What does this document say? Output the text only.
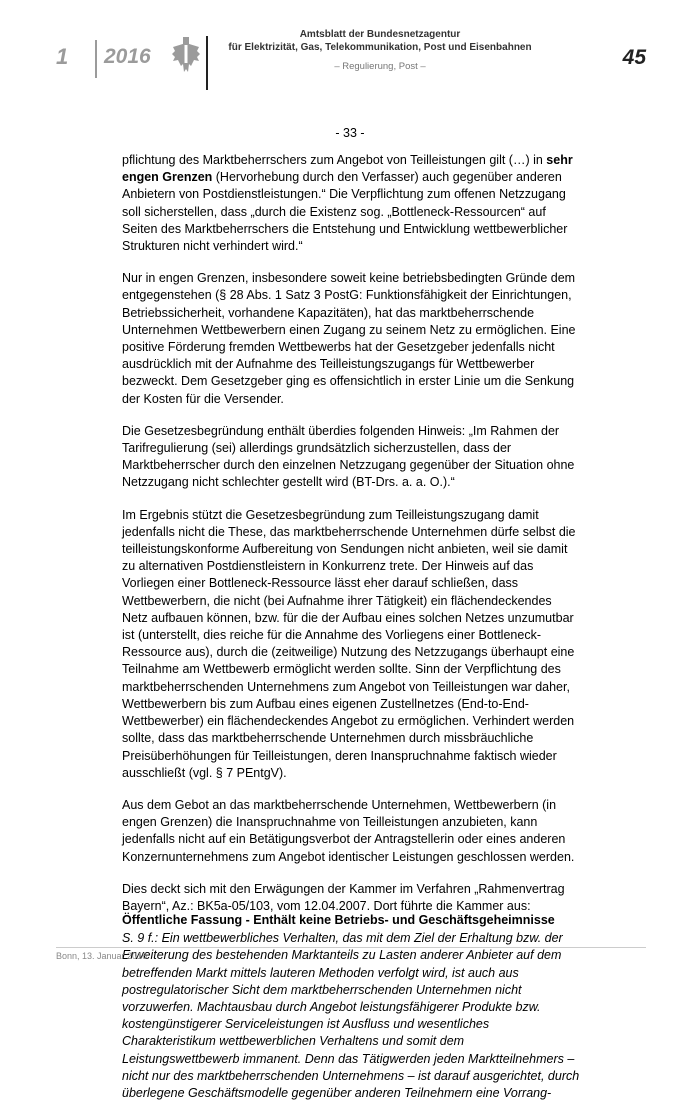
1 2016
Amtsblatt der Bundesnetzagentur
für Elektrizität, Gas, Telekommunikation, Post und Eisenbahnen
– Regulierung, Post –	45
- 33 -

pflichtung des Marktbeherrschers zum Angebot von Teilleistungen gilt (…) in sehr engen Grenzen (Hervorhebung durch den Verfasser) auch gegenüber anderen Anbietern von Postdienstleistungen.“ Die Verpflichtung zum offenen Netzzugang soll sicherstellen, dass „durch die Existenz sog. „Bottleneck-Ressourcen“ auf Seiten des Marktbeherrschers die Entstehung und Entwicklung wettbewerblicher Strukturen nicht verhindert wird.“

Nur in engen Grenzen, insbesondere soweit keine betriebsbedingten Gründe dem entgegenstehen (§ 28 Abs. 1 Satz 3 PostG: Funktionsfähigkeit der Einrichtungen, Betriebssicherheit, vorhandene Kapazitäten), hat das marktbeherrschende Unternehmen Wettbewerbern einen Zugang zu seinem Netz zu ermöglichen. Eine positive Förderung fremden Wettbewerbs hat der Gesetzgeber jedenfalls nicht ausdrücklich mit der Aufnahme des Teilleistungszugangs für Wettbewerber bezweckt. Dem Gesetzgeber ging es offensichtlich in erster Linie um die Senkung der Kosten für die Versender.

Die Gesetzesbegründung enthält überdies folgenden Hinweis: „Im Rahmen der Tarifregulierung (sei) allerdings grundsätzlich sicherzustellen, dass der Marktbeherrscher durch den einzelnen Netzzugang gegenüber der Situation ohne Netzzugang nicht schlechter gestellt wird (BT-Drs. a. a. O.).“

Im Ergebnis stützt die Gesetzesbegründung zum Teilleistungszugang damit jedenfalls nicht die These, das marktbeherrschende Unternehmen dürfe selbst die teilleistungskonforme Aufbereitung von Sendungen nicht anbieten, weil sie damit zu alternativen Postdienstleistern in Konkurrenz trete. Der Hinweis auf das Vorliegen einer Bottleneck-Ressource lässt eher darauf schließen, dass Wettbewerbern, die nicht (bei Aufnahme ihrer Tätigkeit) ein flächendeckendes Netz aufbauen können, bzw. für die der Aufbau eines solchen Netzes unzumutbar ist (unterstellt, dies reiche für die Annahme des Vorliegens einer Bottleneck-Ressource aus), durch die (zeitweilige) Nutzung des Netzzugangs überhaupt eine Teilnahme am Wettbewerb ermöglicht werden sollte. Sinn der Verpflichtung des marktbeherrschenden Unternehmens zum Angebot von Teilleistungen war daher, Wettbewerbern bis zum Aufbau eines eigenen Zustellnetzes (End-to-End-Wettbewerber) ein flächendeckendes Angebot zu ermöglichen. Verhindert werden sollte, dass das marktbeherrschende Unternehmen durch missbräuchliche Preisüberhöhungen für Teilleistungen, deren Inanspruchnahme faktisch wieder ausschließt (vgl. § 7 PEntgV).

Aus dem Gebot an das marktbeherrschende Unternehmen, Wettbewerbern (in engen Grenzen) die Inanspruchnahme von Teilleistungen anzubieten, kann jedenfalls nicht auf ein Betätigungsverbot der Antragstellerin oder eines anderen Konzernunternehmens zum Angebot identischer Leistungen geschlossen werden.

Dies deckt sich mit den Erwägungen der Kammer im Verfahren „Rahmenvertrag Bayern“, Az.: BK5a-05/103, vom 12.04.2007. Dort führte die Kammer aus:

S. 9 f.: Ein wettbewerbliches Verhalten, das mit dem Ziel der Erhaltung bzw. der Erweiterung des bestehenden Marktanteils zu Lasten anderer Anbieter auf dem betreffenden Markt mittels lauteren Methoden verfolgt wird, ist auch aus postregulatorischer Sicht dem marktbeherrschenden Unternehmen nicht vorzuwerfen. Machtausbau durch Angebot leistungsfähigerer Produkte bzw. kostengünstigerer Serviceleistungen ist Ausfluss und wesentliches Charakteristikum wettbewerblichen Verhaltens und somit dem Leistungswettbewerb immanent. Denn das Tätigwerden jeden Marktteilnehmers – nicht nur des marktbeherrschenden Unternehmens – ist darauf ausgerichtet, durch überlegene Geschäftsmodelle gegenüber anderen Teilnehmern eine Vorrang-

Öffentliche Fassung - Enthält keine Betriebs- und Geschäftsgeheimnisse
Bonn, 13. Januar 2016
